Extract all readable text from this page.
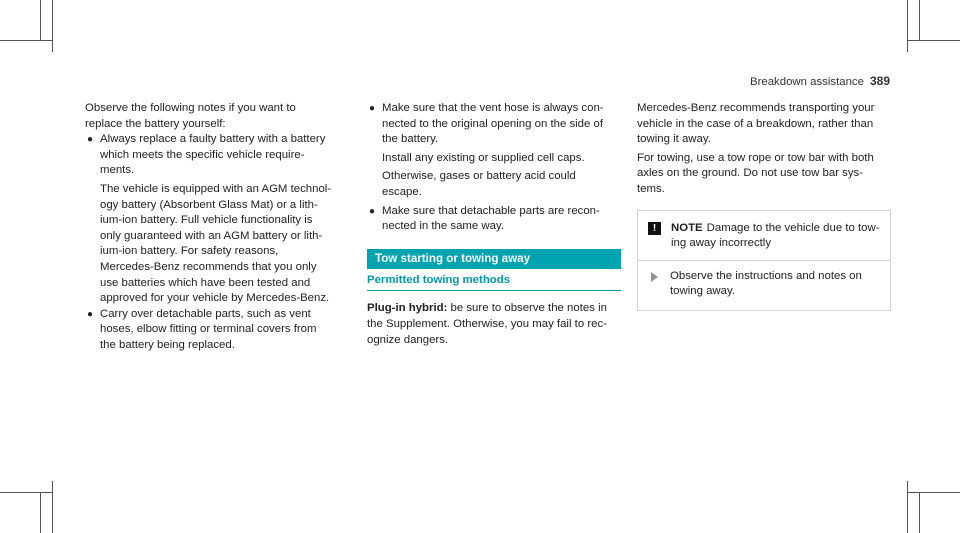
Breakdown assistance 389

Observe the following notes if you want to
replace the battery yourself:

● Always replace a faulty battery with a battery
which meets the specific vehicle require-
ments.
The vehicle is equipped with an AGM technol-
ogy battery (Absorbent Glass Mat) or a lith-
ium-ion battery. Full vehicle functionality is
only guaranteed with an AGM battery or lith-
ium-ion battery. For safety reasons,
Mercedes-Benz recommends that you only
use batteries which have been tested and
approved for your vehicle by Mercedes-Benz.
● Carry over detachable parts, such as vent
hoses, elbow fitting or terminal covers from
the battery being replaced.
● Make sure that the vent hose is always con-
nected to the original opening on the side of
the battery.
Install any existing or supplied cell caps.
Otherwise, gases or battery acid could
escape.
● Make sure that detachable parts are recon-
nected in the same way.
Tow starting or towing away
Permitted towing methods

Plug-in hybrid: be sure to observe the notes in
the Supplement. Otherwise, you may fail to rec-
ognize dangers.

Mercedes-Benz recommends transporting your
vehicle in the case of a breakdown, rather than
towing it away.

For towing, use a tow rope or tow bar with both
axles on the ground. Do not use tow bar sys-
tems.

!	NOTE Damage to the vehicle due to tow-
ing away incorrectly
Observe the instructions and notes on
towing away.
